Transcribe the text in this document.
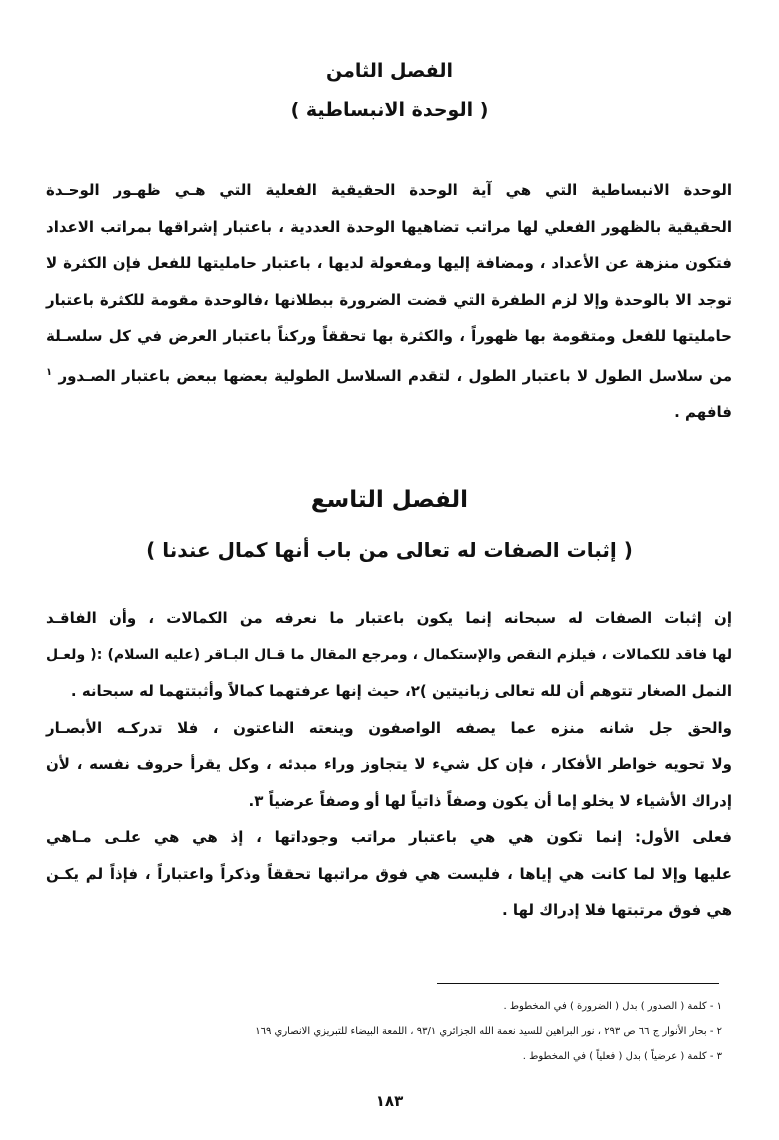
الفصل الثامن
( الوحدة الانبساطية )
الوحدة الانبساطية التي هي آية الوحدة الحقيقية الفعلية التي هـي ظهـور الوحـدة
الحقيقية بالظهور الفعلي لها مراتب تضاهيها الوحدة العددية ، باعتبار إشراقها بمراتب الاعداد
فتكون منزهة عن الأعداد ، ومضافة إليها ومفعولة لديها ، باعتبار حامليتها للفعل فإن الكثرة لا
توجد الا بالوحدة وإلا لزم الطفرة التي قضت الضرورة ببطلانها ،فالوحدة مقومة للكثرة باعتبار
حامليتها للفعل ومتقومة بها ظهوراً ، والكثرة بها تحققاً وركناً باعتبار العرض في كل سلسـلة
من سلاسل الطول لا باعتبار الطول ، لتقدم السلاسل الطولية بعضها ببعض باعتبار الصـدور $^١$
فافهم .
الفصل التاسع
( إثبات الصفات له تعالى من باب أنها كمال عندنا )
إن إثبات الصفات له سبحانه إنما يكون باعتبار ما نعرفه من الكمالات ، وأن الفاقـد
لها فاقد للكمالات ، فيلزم النقص والإستكمال ، ومرجع المقال ما قـال البـاقر (عليه السلام) :( ولعـل
النمل الصغار تتوهم أن لله تعالى زبانيتين )٢، حيث إنها عرفتهما كمالاً وأثبتتهما له سبحانه .
والحق جل شانه منزه عما يصفه الواصفون وينعته الناعتون ، فلا تدركـه الأبصـار
ولا تحويه خواطر الأفكار ، فإن كل شيء لا يتجاوز وراء مبدئه ، وكل يقرأ حروف نفسه ، لأن
إدراك الأشياء لا يخلو إما أن يكون وصفاً ذاتياً لها أو وصفاً عرضياً ٣.
فعلى الأول: إنما تكون هي هي باعتبار مراتب وجوداتها ، إذ هي هي علـى مـاهي
عليها وإلا لما كانت هي إياها ، فليست هي فوق مراتبها تحققاً وذكراً واعتباراً ، فإذاً لم يكـن
هي فوق مرتبتها فلا إدراك لها .
١ - كلمة ( الصدور ) بدل ( الضرورة ) في المخطوط .
٢ - بحار الأنوار ج ٦٦ ص ٢٩٣ ، نور البراهين للسيد نعمة الله الجزائري ٩٣/١ ، اللمعة البيضاء للتبريزي الانصاري ١٦٩
٣ - كلمة ( عرضياً ) بدل ( فعلياً ) في المخطوط .
١٨٣
